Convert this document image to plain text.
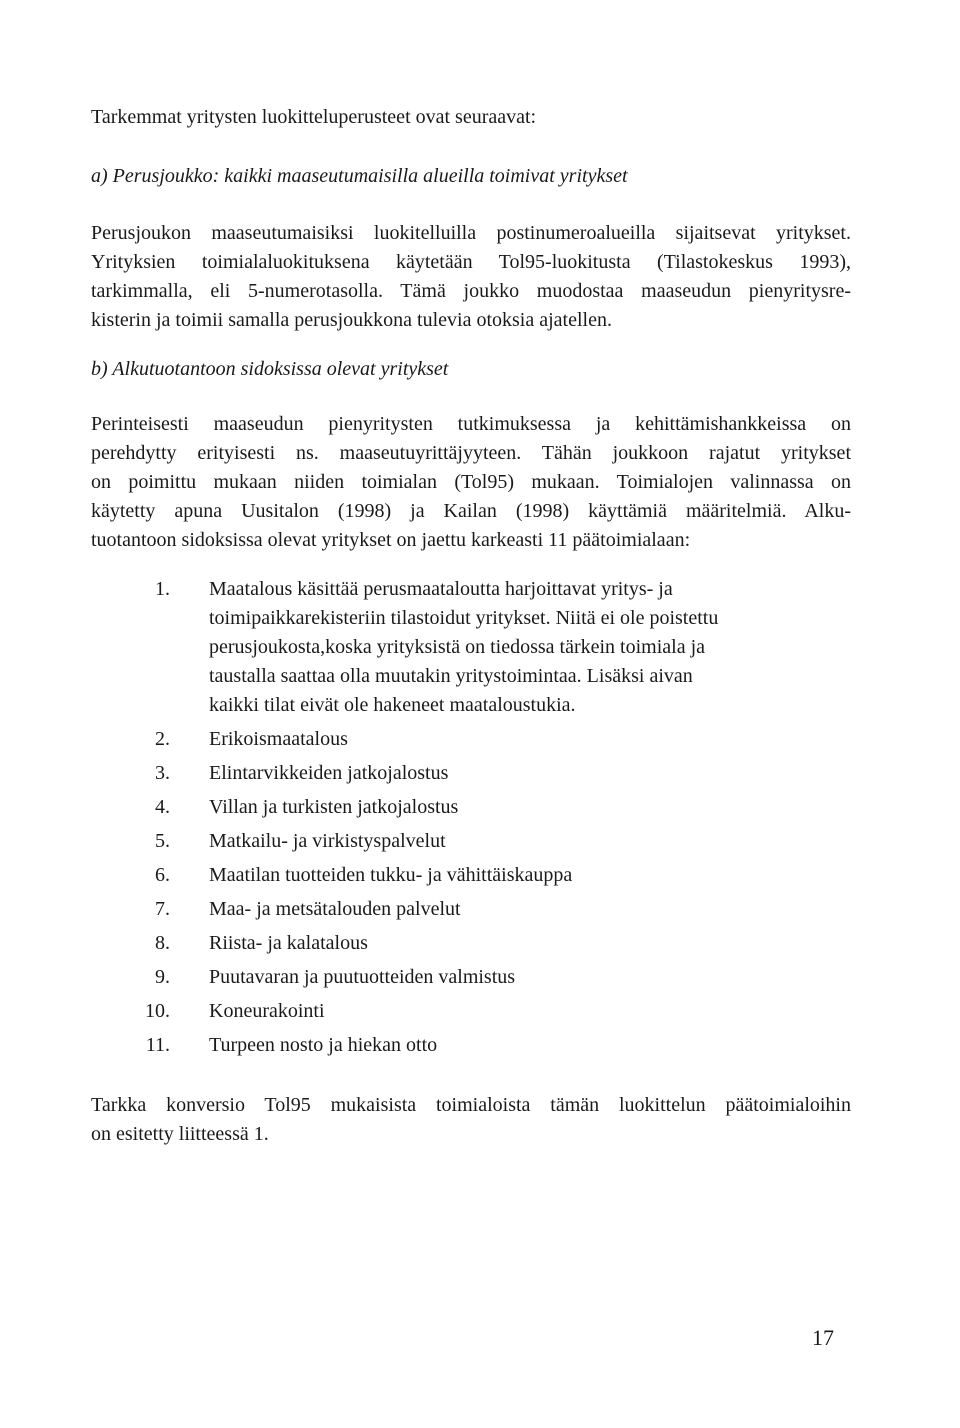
Tarkemmat yritysten luokitteluperusteet ovat seuraavat:

a) Perusjoukko: kaikki maaseutumaisilla alueilla toimivat yritykset

Perusjoukon maaseutumaisiksi luokitelluilla postinumeroalueilla sijaitsevat yritykset.
Yrityksien toimialaluokituksena käytetään Tol95-luokitusta (Tilastokeskus 1993),
tarkimmalla, eli 5-numerotasolla. Tämä joukko muodostaa maaseudun pienyritysre-
kisterin ja toimii samalla perusjoukkona tulevia otoksia ajatellen.

b) Alkutuotantoon sidoksissa olevat yritykset

Perinteisesti maaseudun pienyritysten tutkimuksessa ja kehittämishankkeissa on
perehdytty erityisesti ns. maaseutuyrittäjyyteen. Tähän joukkoon rajatut yritykset
on poimittu mukaan niiden toimialan (Tol95) mukaan. Toimialojen valinnassa on
käytetty apuna Uusitalon (1998) ja Kailan (1998) käyttämiä määritelmiä. Alku-
tuotantoon sidoksissa olevat yritykset on jaettu karkeasti 11 päätoimialaan:

1. Maatalous käsittää perusmaataloutta harjoittavat yritys- ja
toimipaikkarekisteriin tilastoidut yritykset. Niitä ei ole poistettu
perusjoukosta,koska yrityksistä on tiedossa tärkein toimiala ja
taustalla saattaa olla muutakin yritystoimintaa. Lisäksi aivan
kaikki tilat eivät ole hakeneet maataloustukia.
2. Erikoismaatalous
3. Elintarvikkeiden jatkojalostus
4. Villan ja turkisten jatkojalostus
5. Matkailu- ja virkistyspalvelut
6. Maatilan tuotteiden tukku- ja vähittäiskauppa
7. Maa- ja metsätalouden palvelut
8. Riista- ja kalatalous
9. Puutavaran ja puutuotteiden valmistus
10. Koneurakointi
11. Turpeen nosto ja hiekan otto

Tarkka konversio Tol95 mukaisista toimialoista tämän luokittelun päätoimialoihin
on esitetty liitteessä 1.

17
